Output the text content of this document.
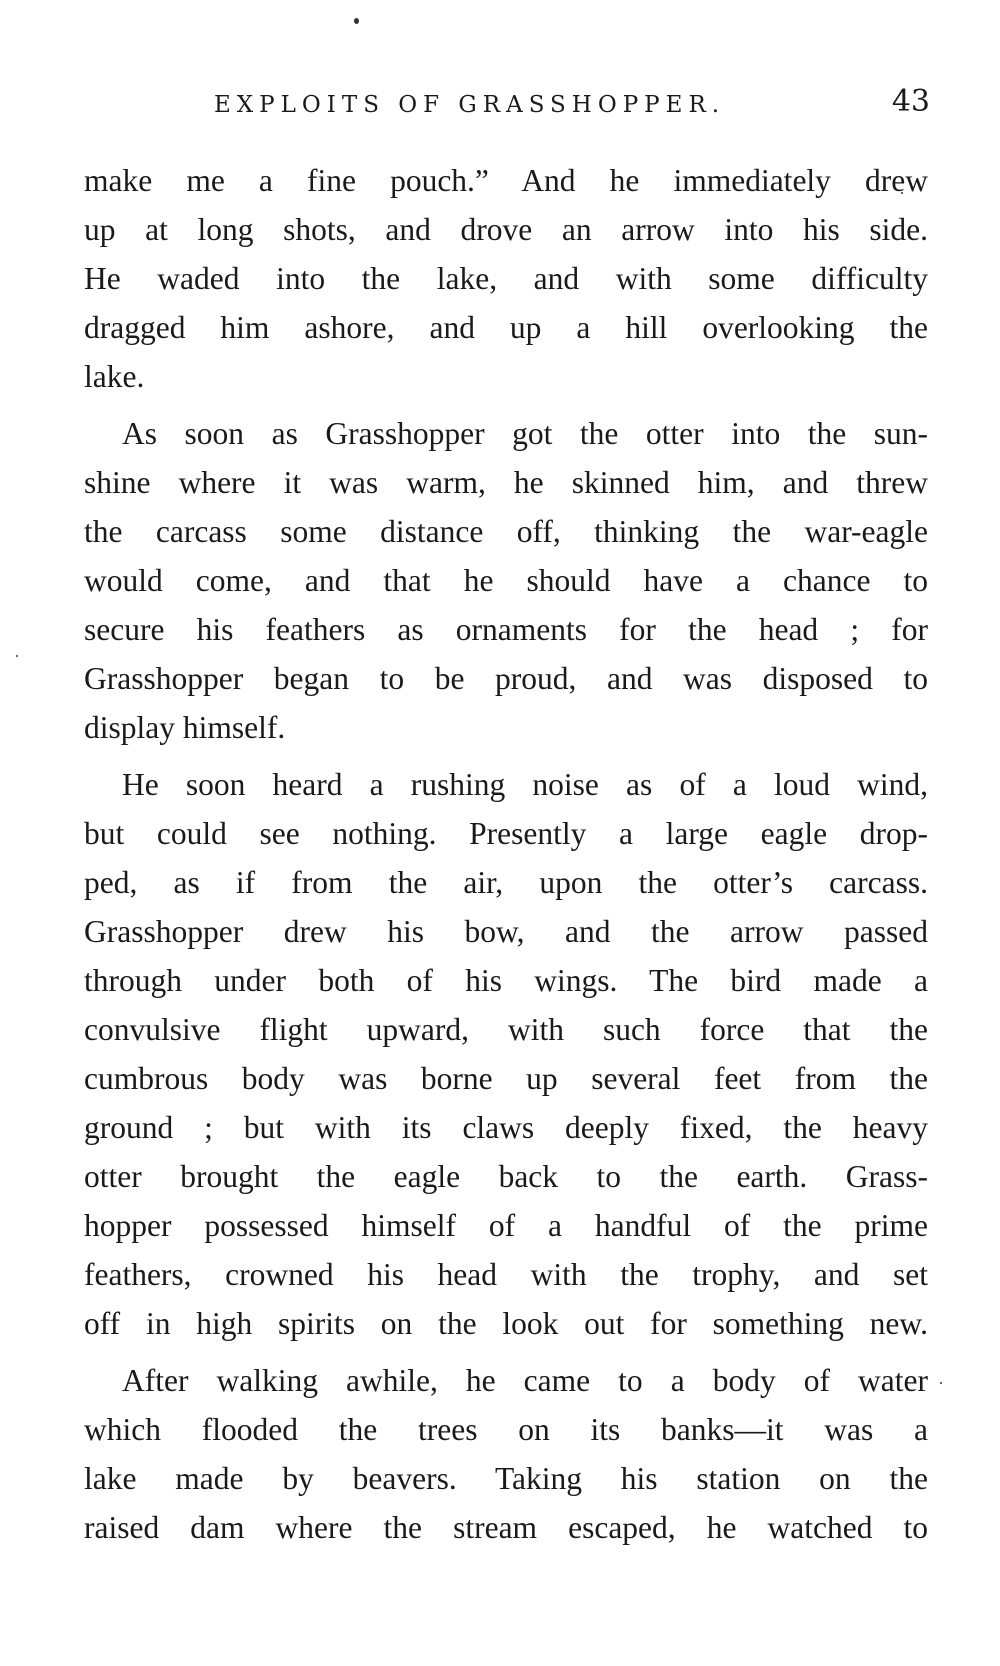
EXPLOITS OF GRASSHOPPER.	43
make me a fine pouch.” And he immediately drew
up at long shots, and drove an arrow into his side.
He waded into the lake, and with some difficulty
dragged him ashore, and up a hill overlooking the
lake.
As soon as Grasshopper got the otter into the sun-
shine where it was warm, he skinned him, and threw
the carcass some distance off, thinking the war-eagle
would come, and that he should have a chance to
secure his feathers as ornaments for the head ; for
Grasshopper began to be proud, and was disposed to
display himself.
He soon heard a rushing noise as of a loud wind,
but could see nothing. Presently a large eagle drop-
ped, as if from the air, upon the otter’s carcass.
Grasshopper drew his bow, and the arrow passed
through under both of his wings. The bird made a
convulsive flight upward, with such force that the
cumbrous body was borne up several feet from the
ground ; but with its claws deeply fixed, the heavy
otter brought the eagle back to the earth. Grass-
hopper possessed himself of a handful of the prime
feathers, crowned his head with the trophy, and set
off in high spirits on the look out for something new.
After walking awhile, he came to a body of water
which flooded the trees on its banks—it was a
lake made by beavers. Taking his station on the
raised dam where the stream escaped, he watched to
